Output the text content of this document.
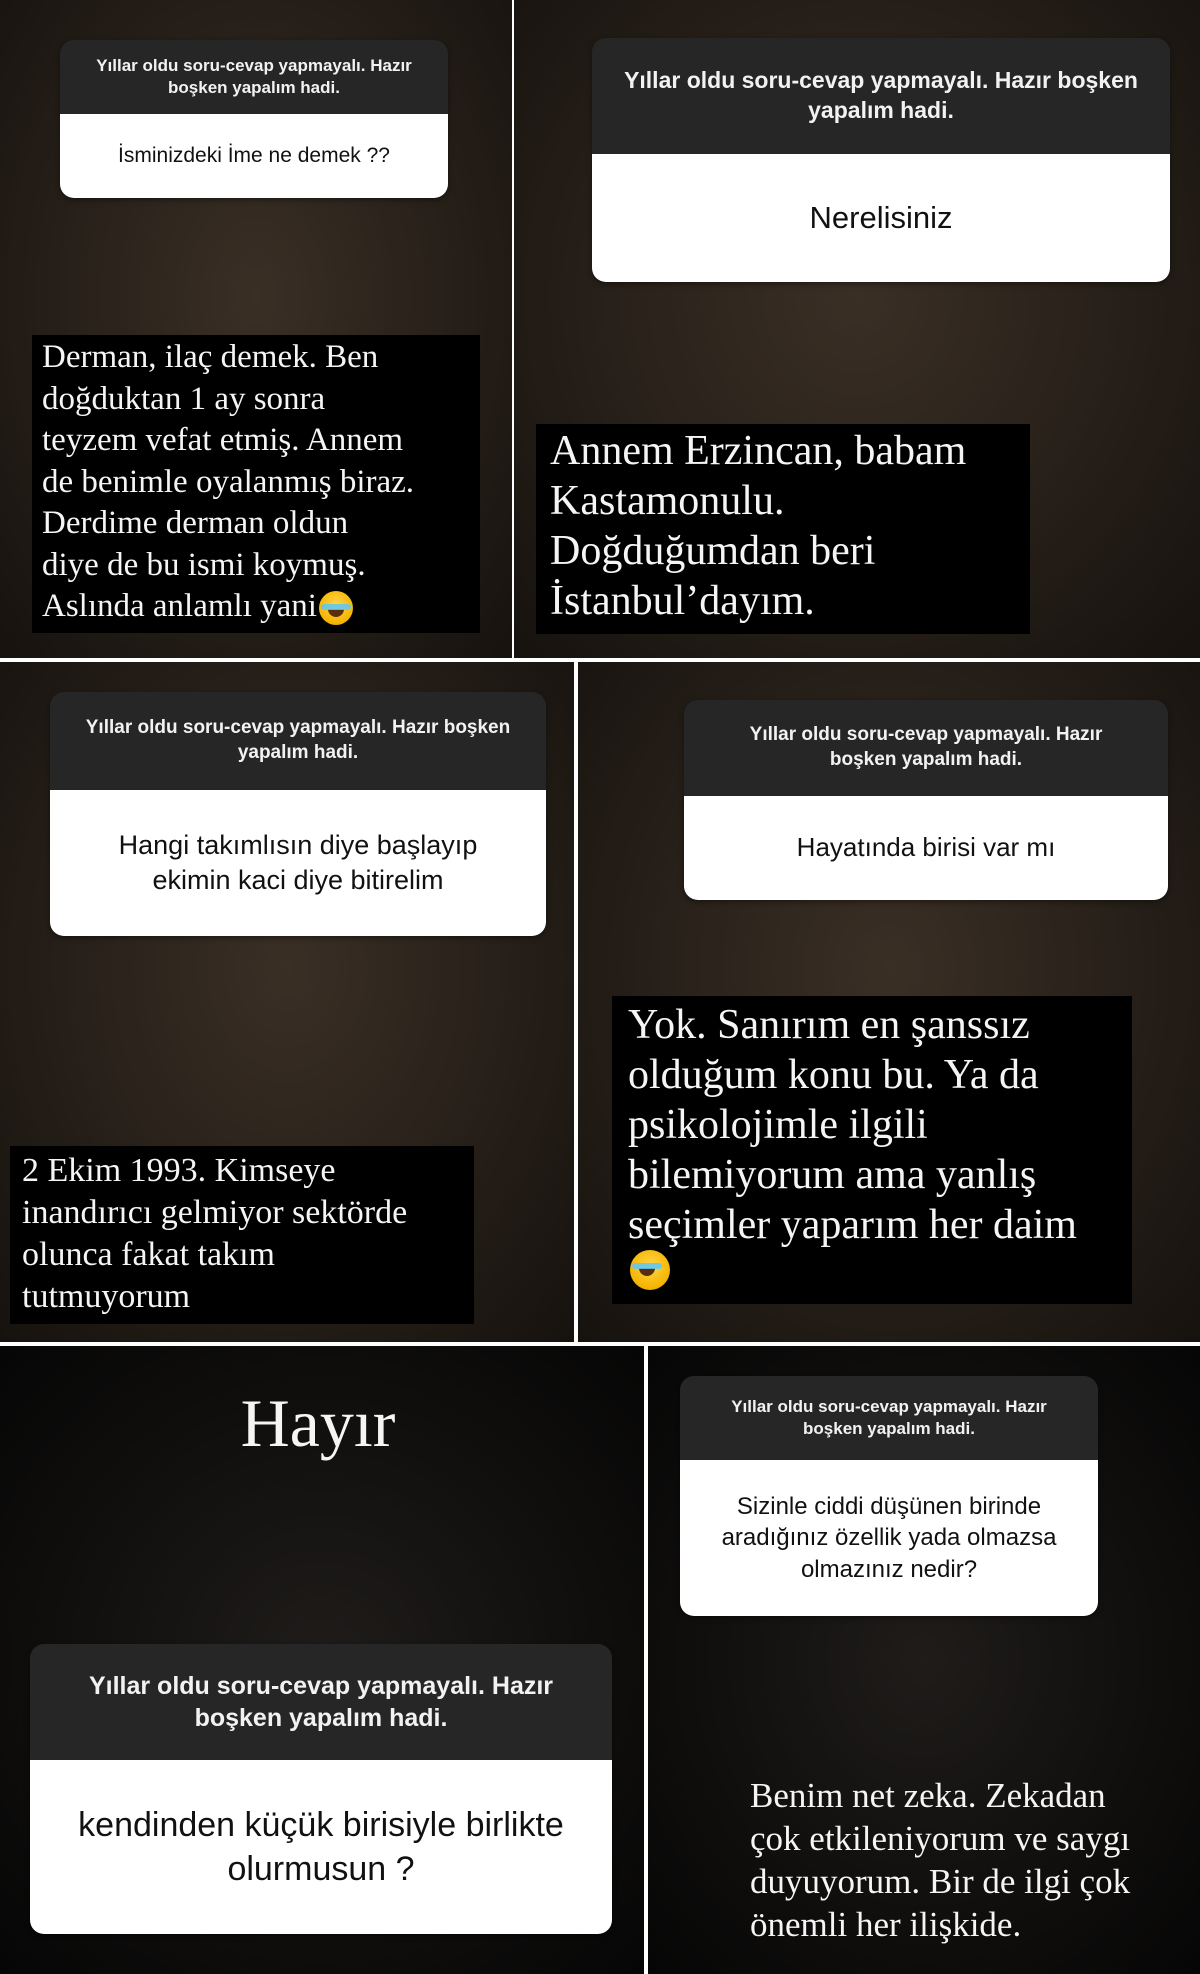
Yıllar oldu soru-cevap yapmayalı. Hazır boşken yapalım hadi.
İsminizdeki İme ne demek ??
Derman, ilaç demek. Ben
doğduktan 1 ay sonra
teyzem vefat etmiş. Annem
de benimle oyalanmış biraz.
Derdime derman oldun
diye de bu ismi koymuş.
Aslında anlamlı yani
Yıllar oldu soru-cevap yapmayalı. Hazır boşken yapalım hadi.
Nerelisiniz
Annem Erzincan, babam
Kastamonulu.
Doğduğumdan beri
İstanbul’dayım.
Yıllar oldu soru-cevap yapmayalı. Hazır boşken yapalım hadi.
Hangi takımlısın diye başlayıp ekimin kaci diye bitirelim
2 Ekim 1993. Kimseye
inandırıcı gelmiyor sektörde
olunca fakat takım
tutmuyorum
Yıllar oldu soru-cevap yapmayalı. Hazır boşken yapalım hadi.
Hayatında birisi var mı
Yok. Sanırım en şanssız
olduğum konu bu. Ya da
psikolojimle ilgili
bilemiyorum ama yanlış
seçimler yaparım her daim
Hayır
Yıllar oldu soru-cevap yapmayalı. Hazır boşken yapalım hadi.
kendinden küçük birisiyle birlikte olurmusun ?
Yıllar oldu soru-cevap yapmayalı. Hazır boşken yapalım hadi.
Sizinle ciddi düşünen birinde aradığınız özellik yada olmazsa olmazınız nedir?
Benim net zeka. Zekadan
çok etkileniyorum ve saygı
duyuyorum. Bir de ilgi çok
önemli her ilişkide.
